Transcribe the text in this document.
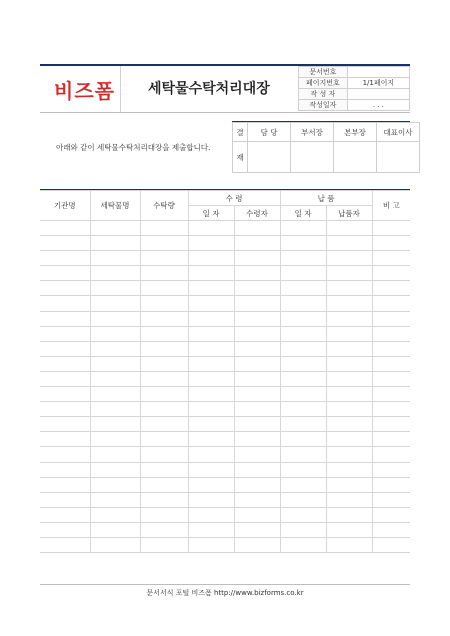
비즈폼 세탁물수탁처리대장
문서번호	
페이지번호	1/1페이지
작 성 자	
작성일자	. . .
아래와 같이 세탁물수탁처리대장을 제출합니다.
결	담 당	부서장	본부장	대표이사
재				
기관명	세탁물명	수탁량	수 령		납 품		비 고
			일 자	수령자	일 자	납품자	

문서서식 포털 비즈폼 http://www.bizforms.co.kr
